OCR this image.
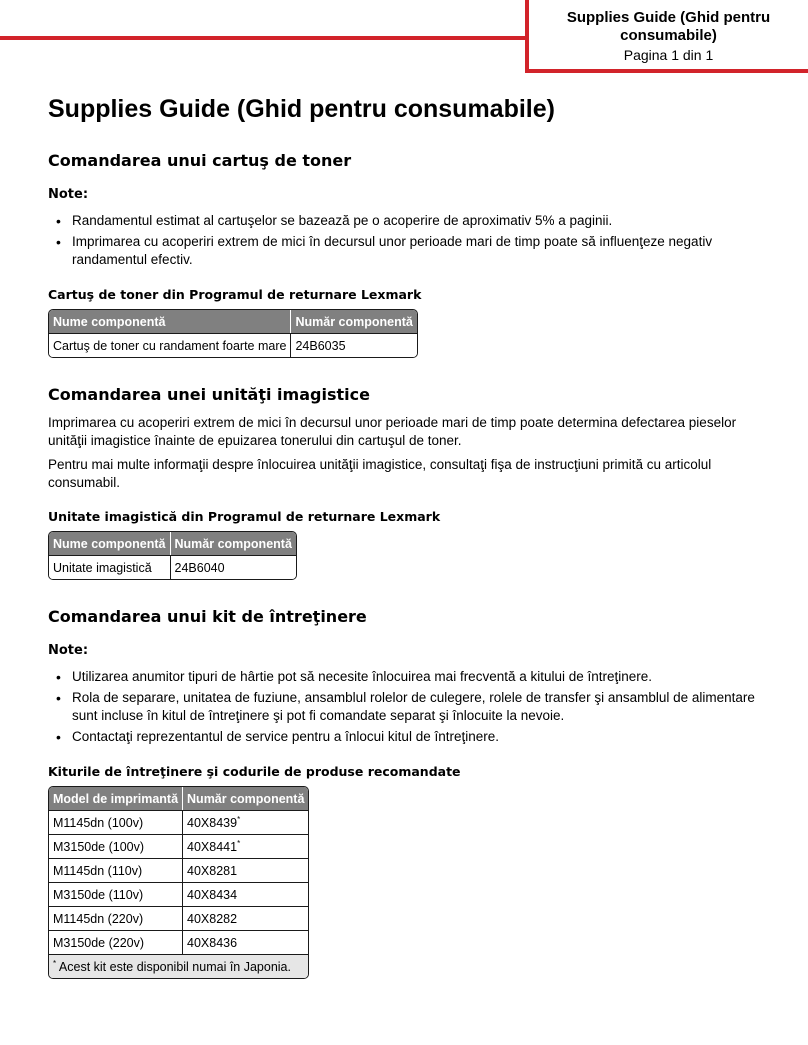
Supplies Guide (Ghid pentru consumabile)
Pagina 1 din 1
Supplies Guide (Ghid pentru consumabile)
Comandarea unui cartuş de toner
Note:
• Randamentul estimat al cartuşelor se bazează pe o acoperire de aproximativ 5% a paginii.
• Imprimarea cu acoperiri extrem de mici în decursul unor perioade mari de timp poate să influenţeze negativ randamentul efectiv.
Cartuş de toner din Programul de returnare Lexmark
Nume componentă	Număr componentă
Cartuş de toner cu randament foarte mare	24B6035
Comandarea unei unităţi imagistice

Imprimarea cu acoperiri extrem de mici în decursul unor perioade mari de timp poate determina defectarea pieselor unităţii imagistice înainte de epuizarea tonerului din cartuşul de toner.

Pentru mai multe informaţii despre înlocuirea unităţii imagistice, consultaţi fişa de instrucţiuni primită cu articolul consumabil.

Unitate imagistică din Programul de returnare Lexmark
Nume componentă	Număr componentă
Unitate imagistică	24B6040
Comandarea unui kit de întreţinere
Note:
• Utilizarea anumitor tipuri de hârtie pot să necesite înlocuirea mai frecventă a kitului de întreţinere.
• Rola de separare, unitatea de fuziune, ansamblul rolelor de culegere, rolele de transfer şi ansamblul de alimentare sunt incluse în kitul de întreţinere şi pot fi comandate separat şi înlocuite la nevoie.
• Contactaţi reprezentantul de service pentru a înlocui kitul de întreţinere.
Kiturile de întreţinere şi codurile de produse recomandate
Model de imprimantă	Număr componentă
M1145dn (100v)	40X8439*
M3150de (100v)	40X8441*
M1145dn (110v)	40X8281
M3150de (110v)	40X8434
M1145dn (220v)	40X8282
M3150de (220v)	40X8436
* Acest kit este disponibil numai în Japonia.	
